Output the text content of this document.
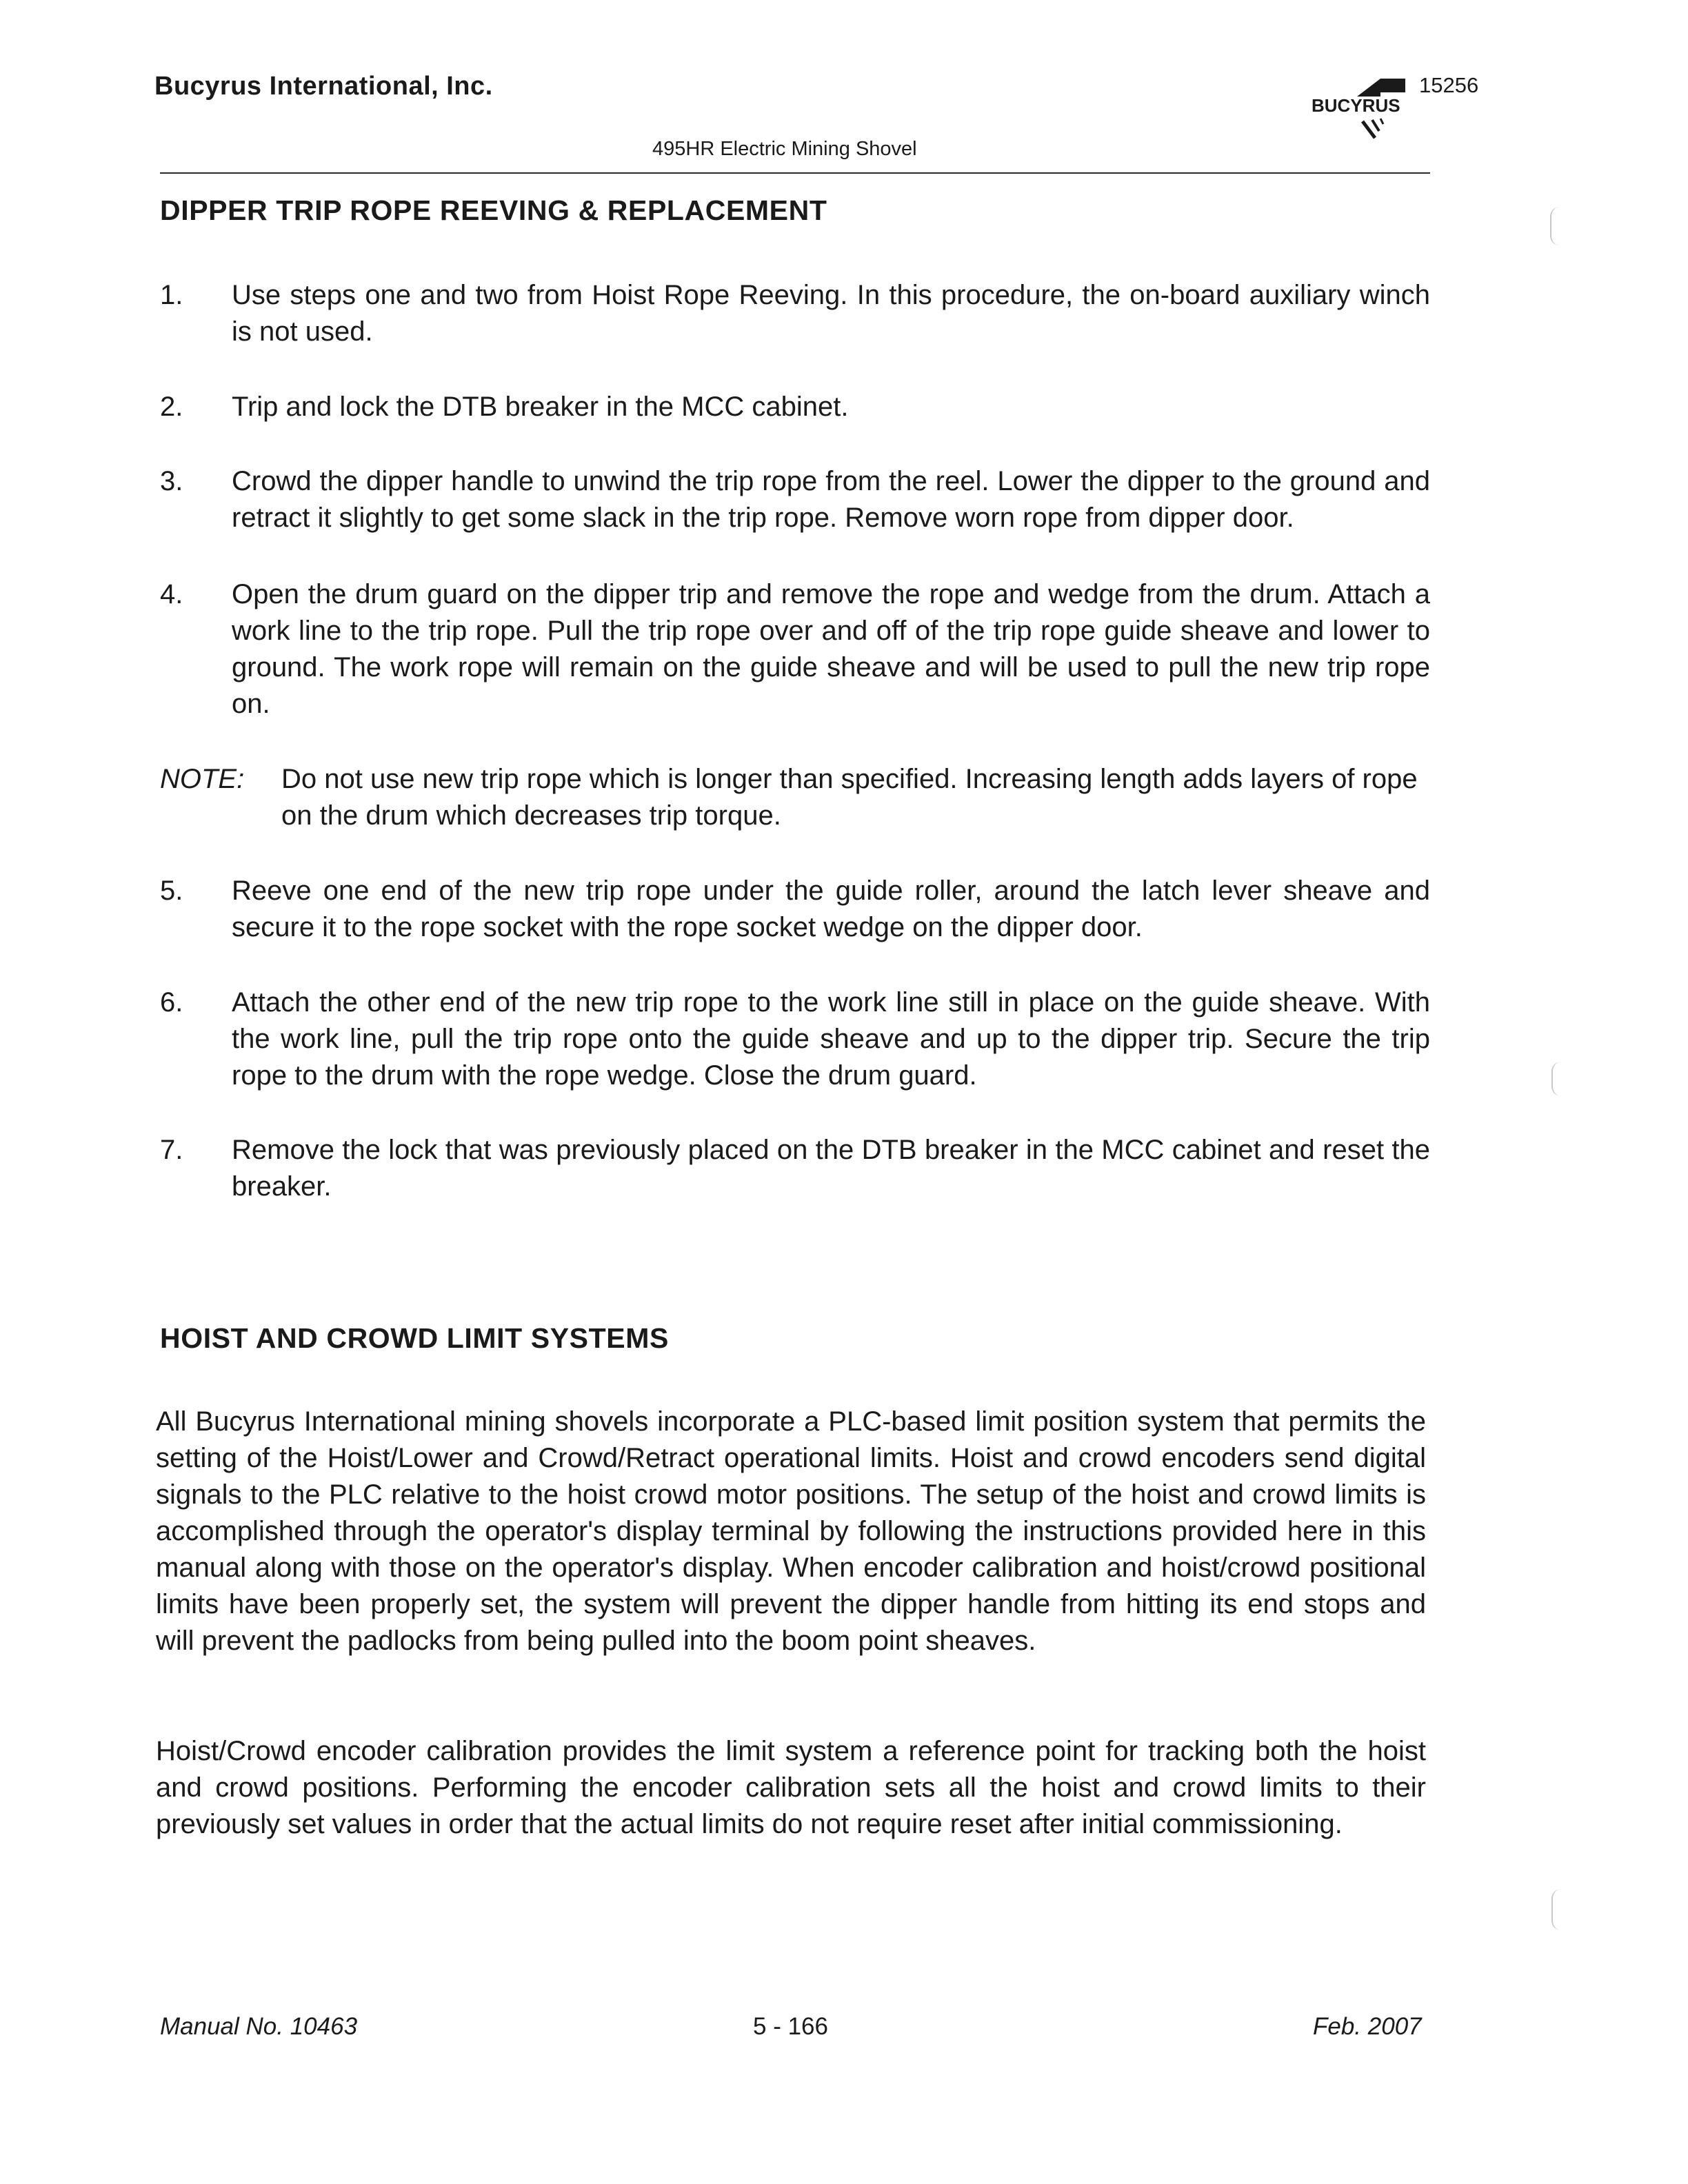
Bucyrus International, Inc.
BUCYRUS
15256
495HR Electric Mining Shovel
DIPPER TRIP ROPE REEVING & REPLACEMENT
1. Use steps one and two from Hoist Rope Reeving. In this procedure, the on-board auxiliary winch is not used.
2. Trip and lock the DTB breaker in the MCC cabinet.
3. Crowd the dipper handle to unwind the trip rope from the reel. Lower the dipper to the ground and retract it slightly to get some slack in the trip rope. Remove worn rope from dipper door.
4. Open the drum guard on the dipper trip and remove the rope and wedge from the drum. Attach a work line to the trip rope. Pull the trip rope over and off of the trip rope guide sheave and lower to ground. The work rope will remain on the guide sheave and will be used to pull the new trip rope on.
NOTE: Do not use new trip rope which is longer than specified. Increasing length adds layers of rope on the drum which decreases trip torque.
5. Reeve one end of the new trip rope under the guide roller, around the latch lever sheave and secure it to the rope socket with the rope socket wedge on the dipper door.
6. Attach the other end of the new trip rope to the work line still in place on the guide sheave. With the work line, pull the trip rope onto the guide sheave and up to the dipper trip. Secure the trip rope to the drum with the rope wedge. Close the drum guard.
7. Remove the lock that was previously placed on the DTB breaker in the MCC cabinet and reset the breaker.
HOIST AND CROWD LIMIT SYSTEMS
All Bucyrus International mining shovels incorporate a PLC-based limit position system that permits the setting of the Hoist/Lower and Crowd/Retract operational limits. Hoist and crowd encoders send digital signals to the PLC relative to the hoist crowd motor positions. The setup of the hoist and crowd limits is accomplished through the operator's display terminal by following the instructions provided here in this manual along with those on the operator's display. When encoder calibration and hoist/crowd positional limits have been properly set, the system will prevent the dipper handle from hitting its end stops and will prevent the padlocks from being pulled into the boom point sheaves.
Hoist/Crowd encoder calibration provides the limit system a reference point for tracking both the hoist and crowd positions. Performing the encoder calibration sets all the hoist and crowd limits to their previously set values in order that the actual limits do not require reset after initial commissioning.
Manual No. 10463	5 - 166	Feb. 2007
